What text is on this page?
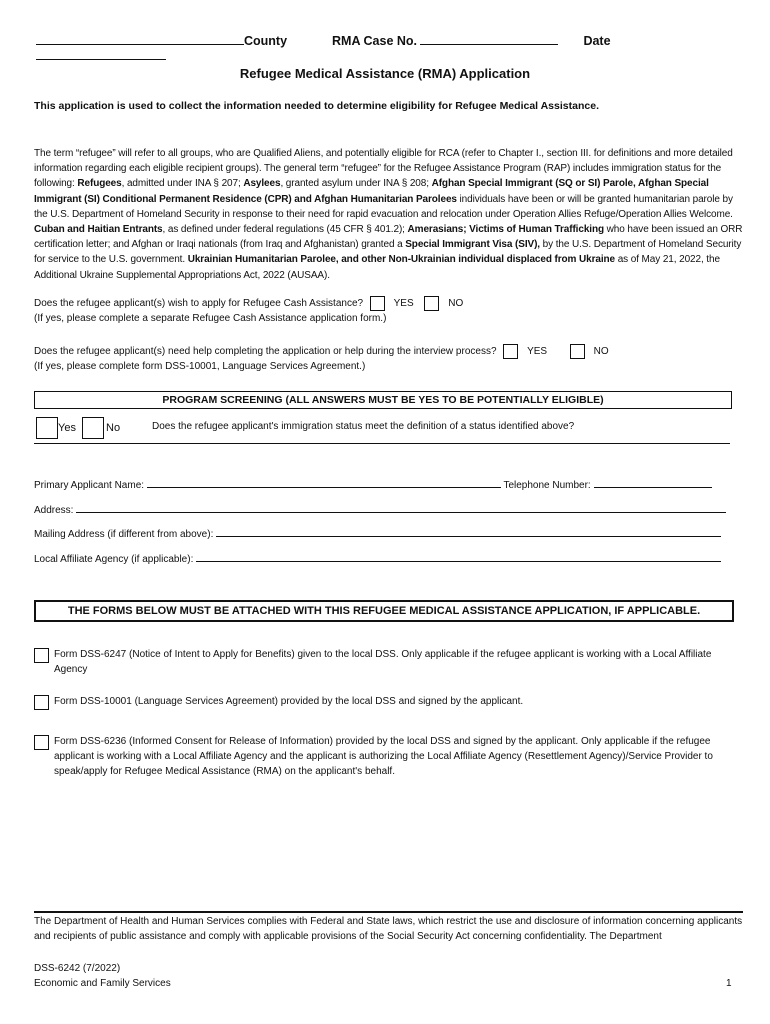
County	RMA Case No.	Date
Refugee Medical Assistance (RMA) Application
This application is used to collect the information needed to determine eligibility for Refugee Medical Assistance.
The term “refugee” will refer to all groups, who are Qualified Aliens, and potentially eligible for RCA (refer to Chapter I., section III. for definitions and more detailed information regarding each eligible recipient groups). The general term “refugee” for the Refugee Assistance Program (RAP) includes immigration status for the following: Refugees, admitted under INA § 207; Asylees, granted asylum under INA § 208; Afghan Special Immigrant (SQ or SI) Parole, Afghan Special Immigrant (SI) Conditional Permanent Residence (CPR) and Afghan Humanitarian Parolees individuals have been or will be granted humanitarian parole by the U.S. Department of Homeland Security in response to their need for rapid evacuation and relocation under Operation Allies Refuge/Operation Allies Welcome. Cuban and Haitian Entrants, as defined under federal regulations (45 CFR § 401.2); Amerasians; Victims of Human Trafficking who have been issued an ORR certification letter; and Afghan or Iraqi nationals (from Iraq and Afghanistan) granted a Special Immigrant Visa (SIV), by the U.S. Department of Homeland Security for service to the U.S. government. Ukrainian Humanitarian Parolee, and other Non-Ukrainian individual displaced from Ukraine as of May 21, 2022, the Additional Ukraine Supplemental Appropriations Act, 2022 (AUSAA).
Does the refugee applicant(s) wish to apply for Refugee Cash Assistance?	YES	NO
(If yes, please complete a separate Refugee Cash Assistance application form.)
Does the refugee applicant(s) need help completing the application or help during the interview process?	YES	NO
(If yes, please complete form DSS-10001, Language Services Agreement.)
PROGRAM SCREENING (ALL ANSWERS MUST BE YES TO BE POTENTIALLY ELIGIBLE)
Yes	No	Does the refugee applicant's immigration status meet the definition of a status identified above?
Primary Applicant Name:	Telephone Number:
Address:
Mailing Address (if different from above):
Local Affiliate Agency (if applicable):
THE FORMS BELOW MUST BE ATTACHED WITH THIS REFUGEE MEDICAL ASSISTANCE APPLICATION, IF APPLICABLE.
Form DSS-6247 (Notice of Intent to Apply for Benefits) given to the local DSS. Only applicable if the refugee applicant is working with a Local Affiliate Agency
Form DSS-10001 (Language Services Agreement) provided by the local DSS and signed by the applicant.
Form DSS-6236 (Informed Consent for Release of Information) provided by the local DSS and signed by the applicant. Only applicable if the refugee applicant is working with a Local Affiliate Agency and the applicant is authorizing the Local Affiliate Agency (Resettlement Agency)/Service Provider to speak/apply for Refugee Medical Assistance (RMA) on the applicant's behalf.
The Department of Health and Human Services complies with Federal and State laws, which restrict the use and disclosure of information concerning applicants and recipients of public assistance and comply with applicable provisions of the Social Security Act concerning confidentiality. The Department
DSS-6242 (7/2022)
Economic and Family Services	1
